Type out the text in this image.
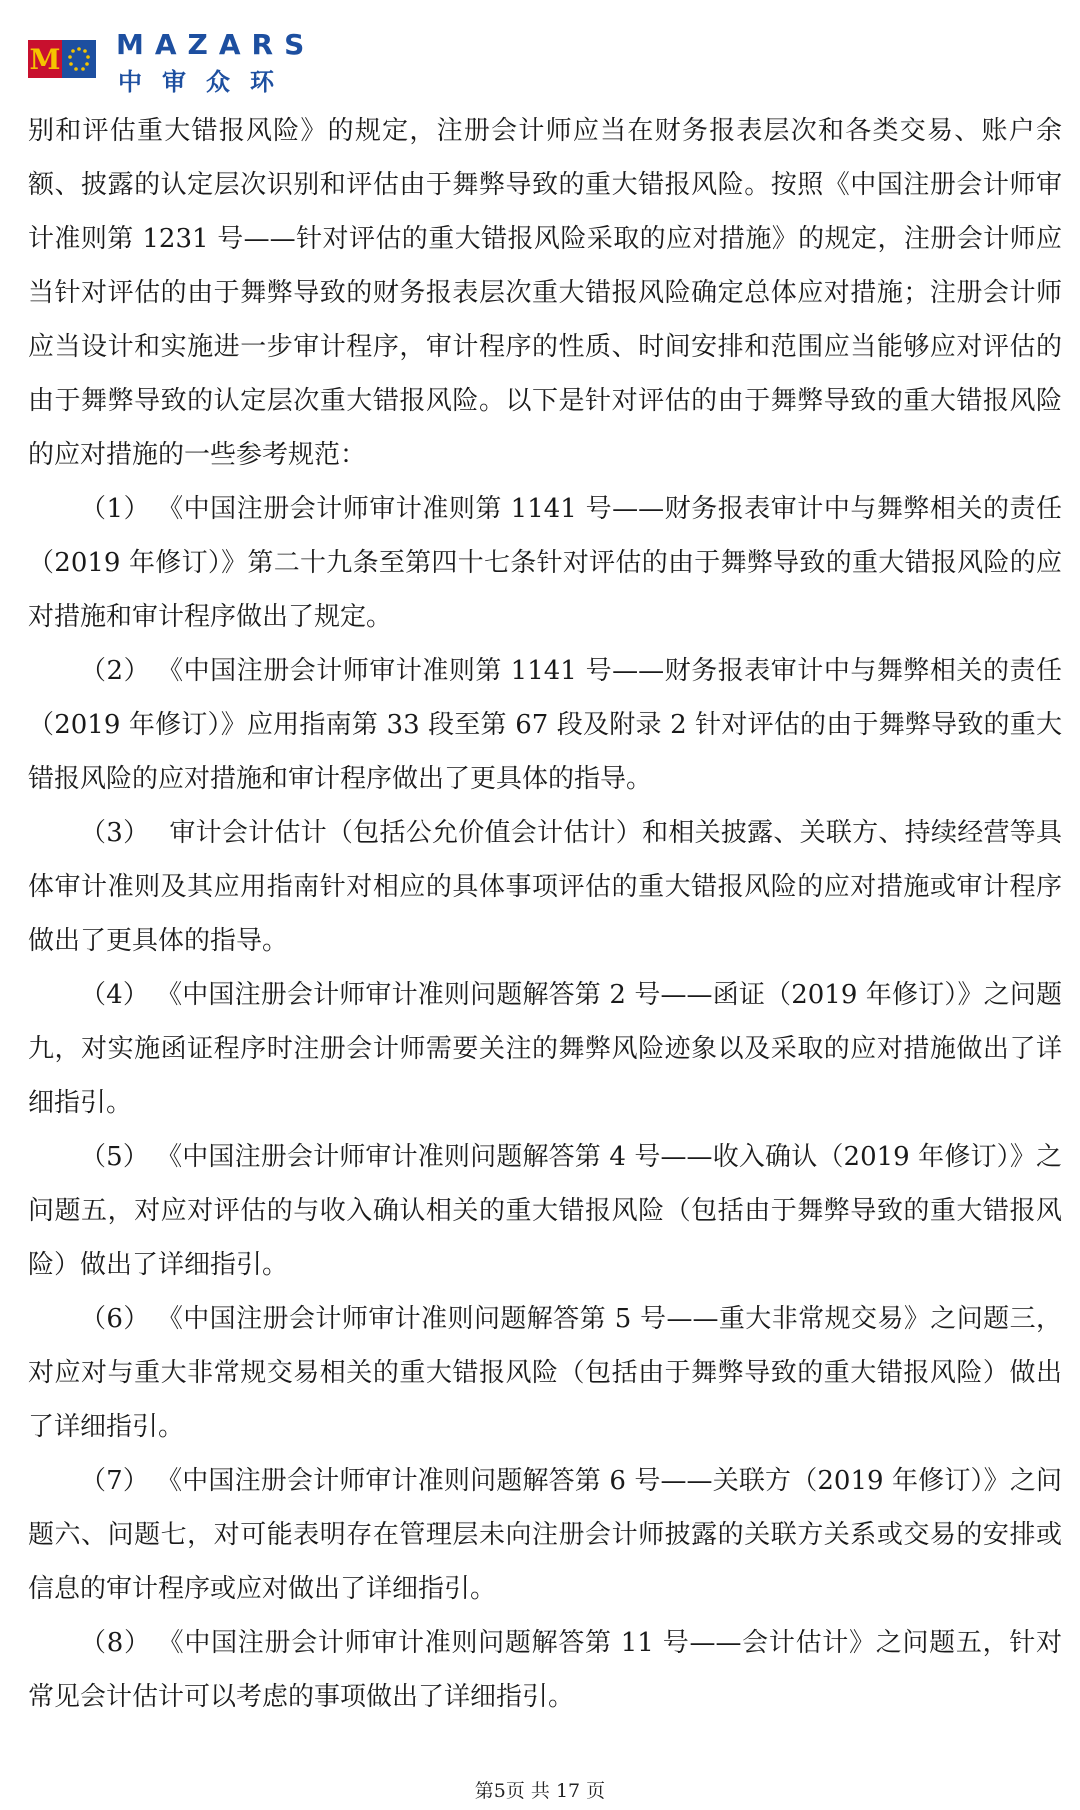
M MAZARS
中审众环

别和评估重大错报风险》的规定，注册会计师应当在财务报表层次和各类交易、账户余额、披露的认定层次识别和评估由于舞弊导致的重大错报风险。按照《中国注册会计师审计准则第 1231 号——针对评估的重大错报风险采取的应对措施》的规定，注册会计师应当针对评估的由于舞弊导致的财务报表层次重大错报风险确定总体应对措施；注册会计师应当设计和实施进一步审计程序，审计程序的性质、时间安排和范围应当能够应对评估的由于舞弊导致的认定层次重大错报风险。以下是针对评估的由于舞弊导致的重大错报风险的应对措施的一些参考规范：

（1） 《中国注册会计师审计准则第 1141 号——财务报表审计中与舞弊相关的责任（2019 年修订）》第二十九条至第四十七条针对评估的由于舞弊导致的重大错报风险的应对措施和审计程序做出了规定。

（2） 《中国注册会计师审计准则第 1141 号——财务报表审计中与舞弊相关的责任（2019 年修订）》应用指南第 33 段至第 67 段及附录 2 针对评估的由于舞弊导致的重大错报风险的应对措施和审计程序做出了更具体的指导。

（3） 审计会计估计（包括公允价值会计估计）和相关披露、关联方、持续经营等具体审计准则及其应用指南针对相应的具体事项评估的重大错报风险的应对措施或审计程序做出了更具体的指导。

（4） 《中国注册会计师审计准则问题解答第 2 号——函证（2019 年修订）》之问题九，对实施函证程序时注册会计师需要关注的舞弊风险迹象以及采取的应对措施做出了详细指引。

（5） 《中国注册会计师审计准则问题解答第 4 号——收入确认（2019 年修订）》之问题五，对应对评估的与收入确认相关的重大错报风险（包括由于舞弊导致的重大错报风险）做出了详细指引。

（6） 《中国注册会计师审计准则问题解答第 5 号——重大非常规交易》之问题三，对应对与重大非常规交易相关的重大错报风险（包括由于舞弊导致的重大错报风险）做出了详细指引。

（7） 《中国注册会计师审计准则问题解答第 6 号——关联方（2019 年修订）》之问题六、问题七，对可能表明存在管理层未向注册会计师披露的关联方关系或交易的安排或信息的审计程序或应对做出了详细指引。

（8） 《中国注册会计师审计准则问题解答第 11 号——会计估计》之问题五，针对常见会计估计可以考虑的事项做出了详细指引。

第5页 共 17 页
